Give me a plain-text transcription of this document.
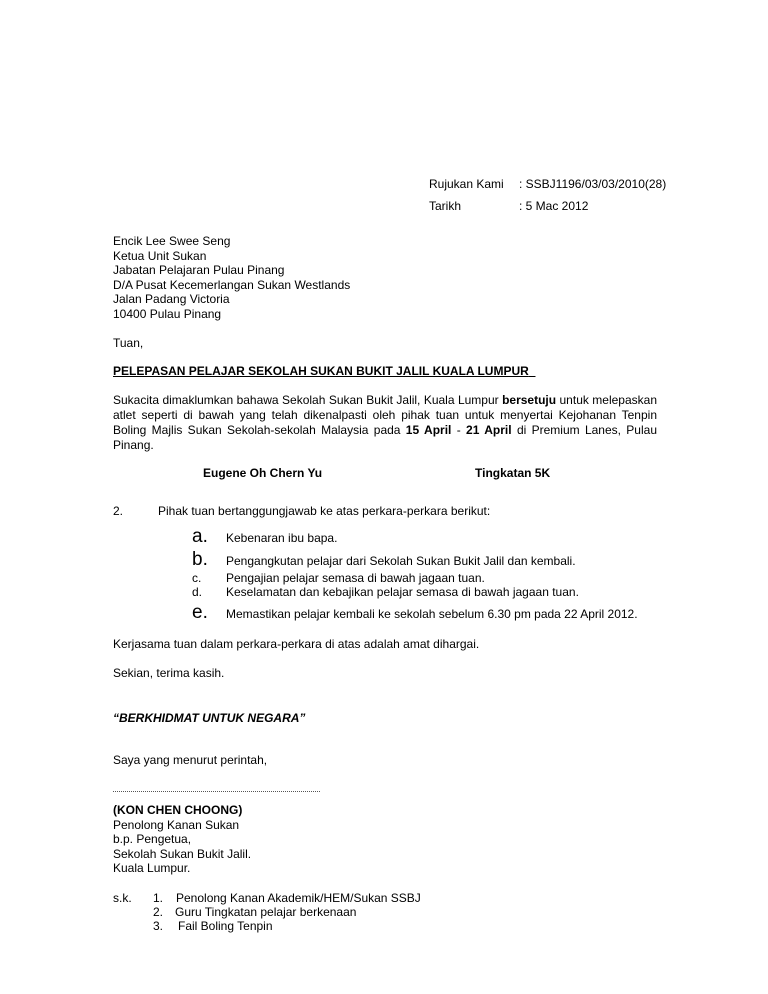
Rujukan Kami : SSBJ1196/03/03/2010(28)
Tarikh	: 5 Mac 2012
Encik Lee Swee Seng
Ketua Unit Sukan
Jabatan Pelajaran Pulau Pinang
D/A Pusat Kecemerlangan Sukan Westlands
Jalan Padang Victoria
10400 Pulau Pinang
Tuan,
PELEPASAN PELAJAR SEKOLAH SUKAN BUKIT JALIL KUALA LUMPUR
Sukacita dimaklumkan bahawa Sekolah Sukan Bukit Jalil, Kuala Lumpur bersetuju untuk melepaskan atlet seperti di bawah yang telah dikenalpasti oleh pihak tuan untuk menyertai Kejohanan Tenpin Boling Majlis Sukan Sekolah-sekolah Malaysia pada 15 April - 21 April di Premium Lanes, Pulau Pinang.
Eugene Oh Chern Yu	Tingkatan 5K
2.	Pihak tuan bertanggungjawab ke atas perkara-perkara berikut:
a. Kebenaran ibu bapa.
b. Pengangkutan pelajar dari Sekolah Sukan Bukit Jalil dan kembali.
c. Pengajian pelajar semasa di bawah jagaan tuan.
d. Keselamatan dan kebajikan pelajar semasa di bawah jagaan tuan.
e. Memastikan pelajar kembali ke sekolah sebelum 6.30 pm pada 22 April 2012.
Kerjasama tuan dalam perkara-perkara di atas adalah amat dihargai.
Sekian, terima kasih.
“BERKHIDMAT UNTUK NEGARA”
Saya yang menurut perintah,
(KON CHEN CHOONG)
Penolong Kanan Sukan
b.p. Pengetua,
Sekolah Sukan Bukit Jalil.
Kuala Lumpur.
s.k. 1. Penolong Kanan Akademik/HEM/Sukan SSBJ
2. Guru Tingkatan pelajar berkenaan
3. Fail Boling Tenpin
